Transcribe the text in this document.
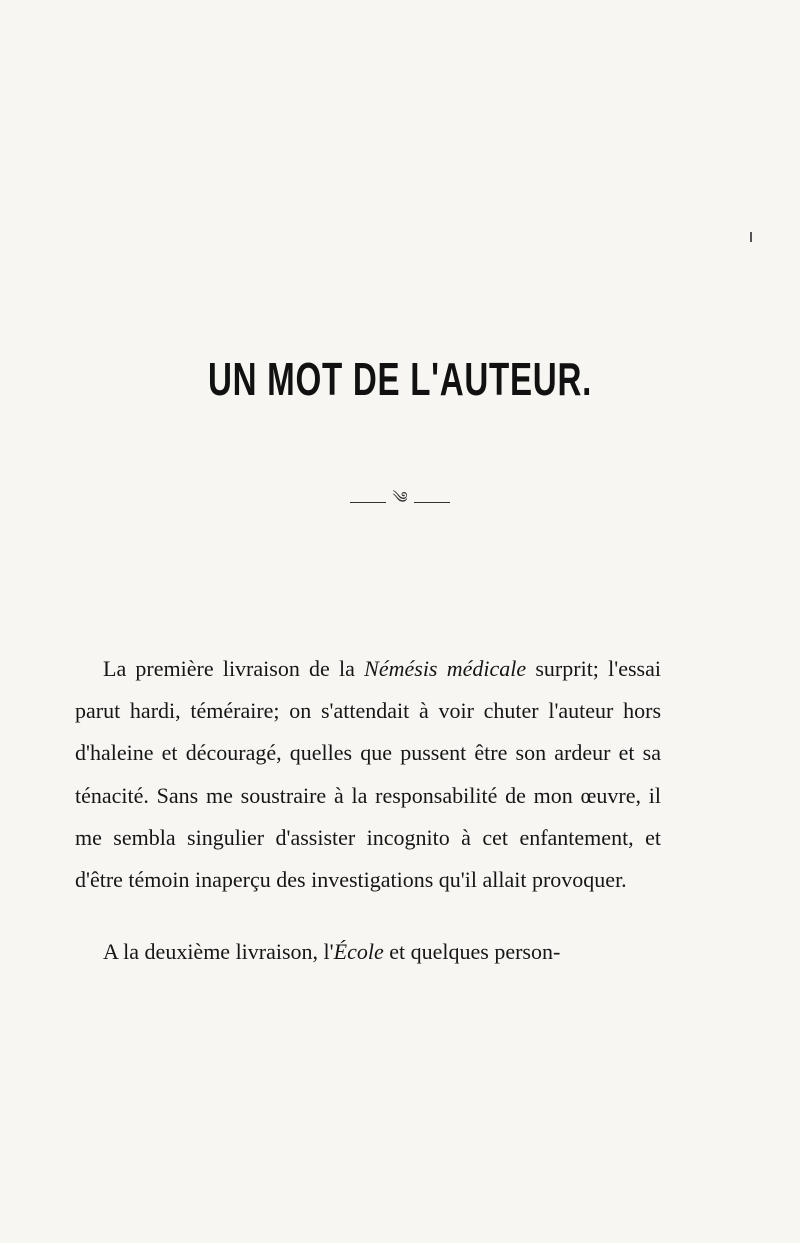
UN MOT DE L'AUTEUR.
༄

La première livraison de la Némésis médicale surprit; l'essai parut hardi, téméraire; on s'attendait à voir chuter l'auteur hors d'haleine et découragé, quelles que pussent être son ardeur et sa ténacité. Sans me soustraire à la responsabilité de mon œuvre, il me sembla singulier d'assister incognito à cet enfantement, et d'être témoin inaperçu des investigations qu'il allait provoquer.

A la deuxième livraison, l'École et quelques person-
